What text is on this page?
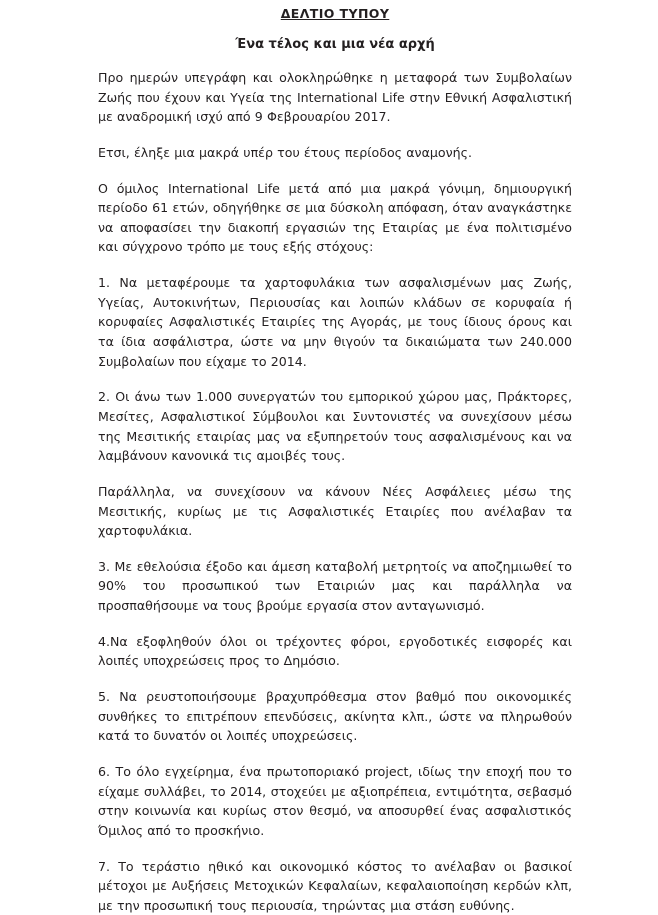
ΔΕΛΤΙΟ ΤΥΠΟΥ
Ένα τέλος και μια νέα αρχή

Προ ημερών υπεγράφη και ολοκληρώθηκε η μεταφορά των Συμβολαίων Ζωής που έχουν και Υγεία της International Life στην Εθνική Ασφαλιστική με αναδρομική ισχύ από 9 Φεβρουαρίου 2017.

Ετσι, έληξε μια μακρά υπέρ του έτους περίοδος αναμονής.

Ο όμιλος International Life μετά από μια μακρά γόνιμη, δημιουργική περίοδο 61 ετών, οδηγήθηκε σε μια δύσκολη απόφαση, όταν αναγκάστηκε να αποφασίσει την διακοπή εργασιών της Εταιρίας με ένα πολιτισμένο και σύγχρονο τρόπο με τους εξής στόχους:

1. Να μεταφέρουμε τα χαρτοφυλάκια των ασφαλισμένων μας Ζωής, Υγείας, Αυτοκινήτων, Περιουσίας και λοιπών κλάδων σε κορυφαία ή κορυφαίες Ασφαλιστικές Εταιρίες της Αγοράς, με τους ίδιους όρους και τα ίδια ασφάλιστρα, ώστε να μην θιγούν τα δικαιώματα των 240.000 Συμβολαίων που είχαμε το 2014.

2. Οι άνω των 1.000 συνεργατών του εμπορικού χώρου μας, Πράκτορες, Μεσίτες, Ασφαλιστικοί Σύμβουλοι και Συντονιστές να συνεχίσουν μέσω της Μεσιτικής εταιρίας μας να εξυπηρετούν τους ασφαλισμένους και να λαμβάνουν κανονικά τις αμοιβές τους.

Παράλληλα, να συνεχίσουν να κάνουν Νέες Ασφάλειες μέσω της Μεσιτικής, κυρίως με τις Ασφαλιστικές Εταιρίες που ανέλαβαν τα χαρτοφυλάκια.

3. Με εθελούσια έξοδο και άμεση καταβολή μετρητοίς να αποζημιωθεί το 90% του προσωπικού των Εταιριών μας και παράλληλα να προσπαθήσουμε να τους βρούμε εργασία στον ανταγωνισμό.

4.Να εξοφληθούν όλοι οι τρέχοντες φόροι, εργοδοτικές εισφορές και λοιπές υποχρεώσεις προς το Δημόσιο.

5. Να ρευστοποιήσουμε βραχυπρόθεσμα στον βαθμό που οικονομικές συνθήκες το επιτρέπουν επενδύσεις, ακίνητα κλπ., ώστε να πληρωθούν κατά το δυνατόν οι λοιπές υποχρεώσεις.

6. Το όλο εγχείρημα, ένα πρωτοποριακό project, ιδίως την εποχή που το είχαμε συλλάβει, το 2014, στοχεύει με αξιοπρέπεια, εντιμότητα, σεβασμό στην κοινωνία και κυρίως στον θεσμό, να αποσυρθεί ένας ασφαλιστικός Όμιλος από το προσκήνιο.

7. Το τεράστιο ηθικό και οικονομικό κόστος το ανέλαβαν οι βασικοί μέτοχοι με Αυξήσεις Μετοχικών Κεφαλαίων, κεφαλαιοποίηση κερδών κλπ, με την προσωπική τους περιουσία, τηρώντας μια στάση ευθύνης.
